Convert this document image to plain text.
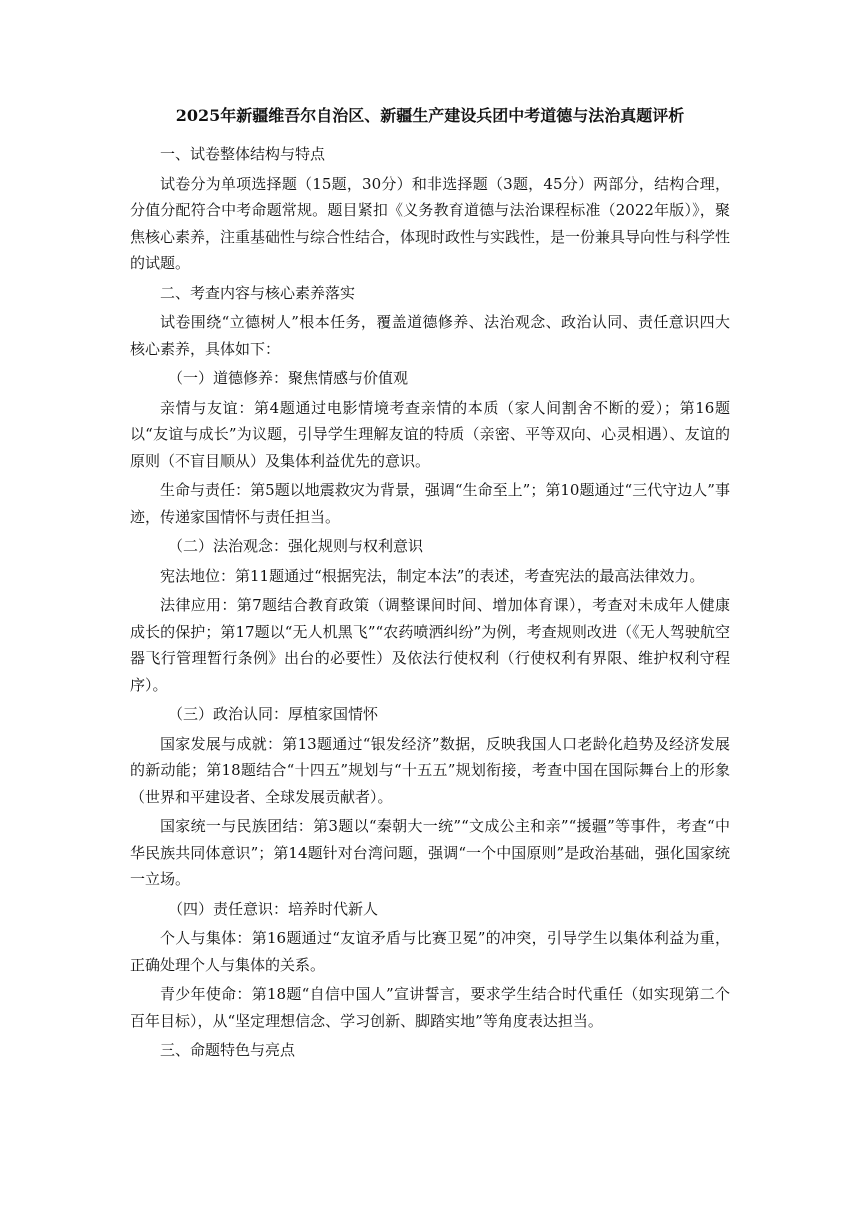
2025年新疆维吾尔自治区、新疆生产建设兵团中考道德与法治真题评析
一、试卷整体结构与特点
试卷分为单项选择题（15题，30分）和非选择题（3题，45分）两部分，结构合理，分值分配符合中考命题常规。题目紧扣《义务教育道德与法治课程标准（2022年版）》，聚焦核心素养，注重基础性与综合性结合，体现时政性与实践性，是一份兼具导向性与科学性的试题。
二、考查内容与核心素养落实
试卷围绕“立德树人”根本任务，覆盖道德修养、法治观念、政治认同、责任意识四大核心素养，具体如下：
（一）道德修养：聚焦情感与价值观
亲情与友谊：第4题通过电影情境考查亲情的本质（家人间割舍不断的爱）；第16题以“友谊与成长”为议题，引导学生理解友谊的特质（亲密、平等双向、心灵相遇）、友谊的原则（不盲目顺从）及集体利益优先的意识。
生命与责任：第5题以地震救灾为背景，强调“生命至上”；第10题通过“三代守边人”事迹，传递家国情怀与责任担当。
（二）法治观念：强化规则与权利意识
宪法地位：第11题通过“根据宪法，制定本法”的表述，考查宪法的最高法律效力。
法律应用：第7题结合教育政策（调整课间时间、增加体育课），考查对未成年人健康成长的保护；第17题以“无人机黑飞”“农药喷洒纠纷”为例，考查规则改进（《无人驾驶航空器飞行管理暂行条例》出台的必要性）及依法行使权利（行使权利有界限、维护权利守程序）。
（三）政治认同：厚植家国情怀
国家发展与成就：第13题通过“银发经济”数据，反映我国人口老龄化趋势及经济发展的新动能；第18题结合“十四五”规划与“十五五”规划衔接，考查中国在国际舞台上的形象（世界和平建设者、全球发展贡献者）。
国家统一与民族团结：第3题以“秦朝大一统”“文成公主和亲”“援疆”等事件，考查“中华民族共同体意识”；第14题针对台湾问题，强调“一个中国原则”是政治基础，强化国家统一立场。
（四）责任意识：培养时代新人
个人与集体：第16题通过“友谊矛盾与比赛卫冕”的冲突，引导学生以集体利益为重，正确处理个人与集体的关系。
青少年使命：第18题“自信中国人”宣讲誓言，要求学生结合时代重任（如实现第二个百年目标），从“坚定理想信念、学习创新、脚踏实地”等角度表达担当。
三、命题特色与亮点
